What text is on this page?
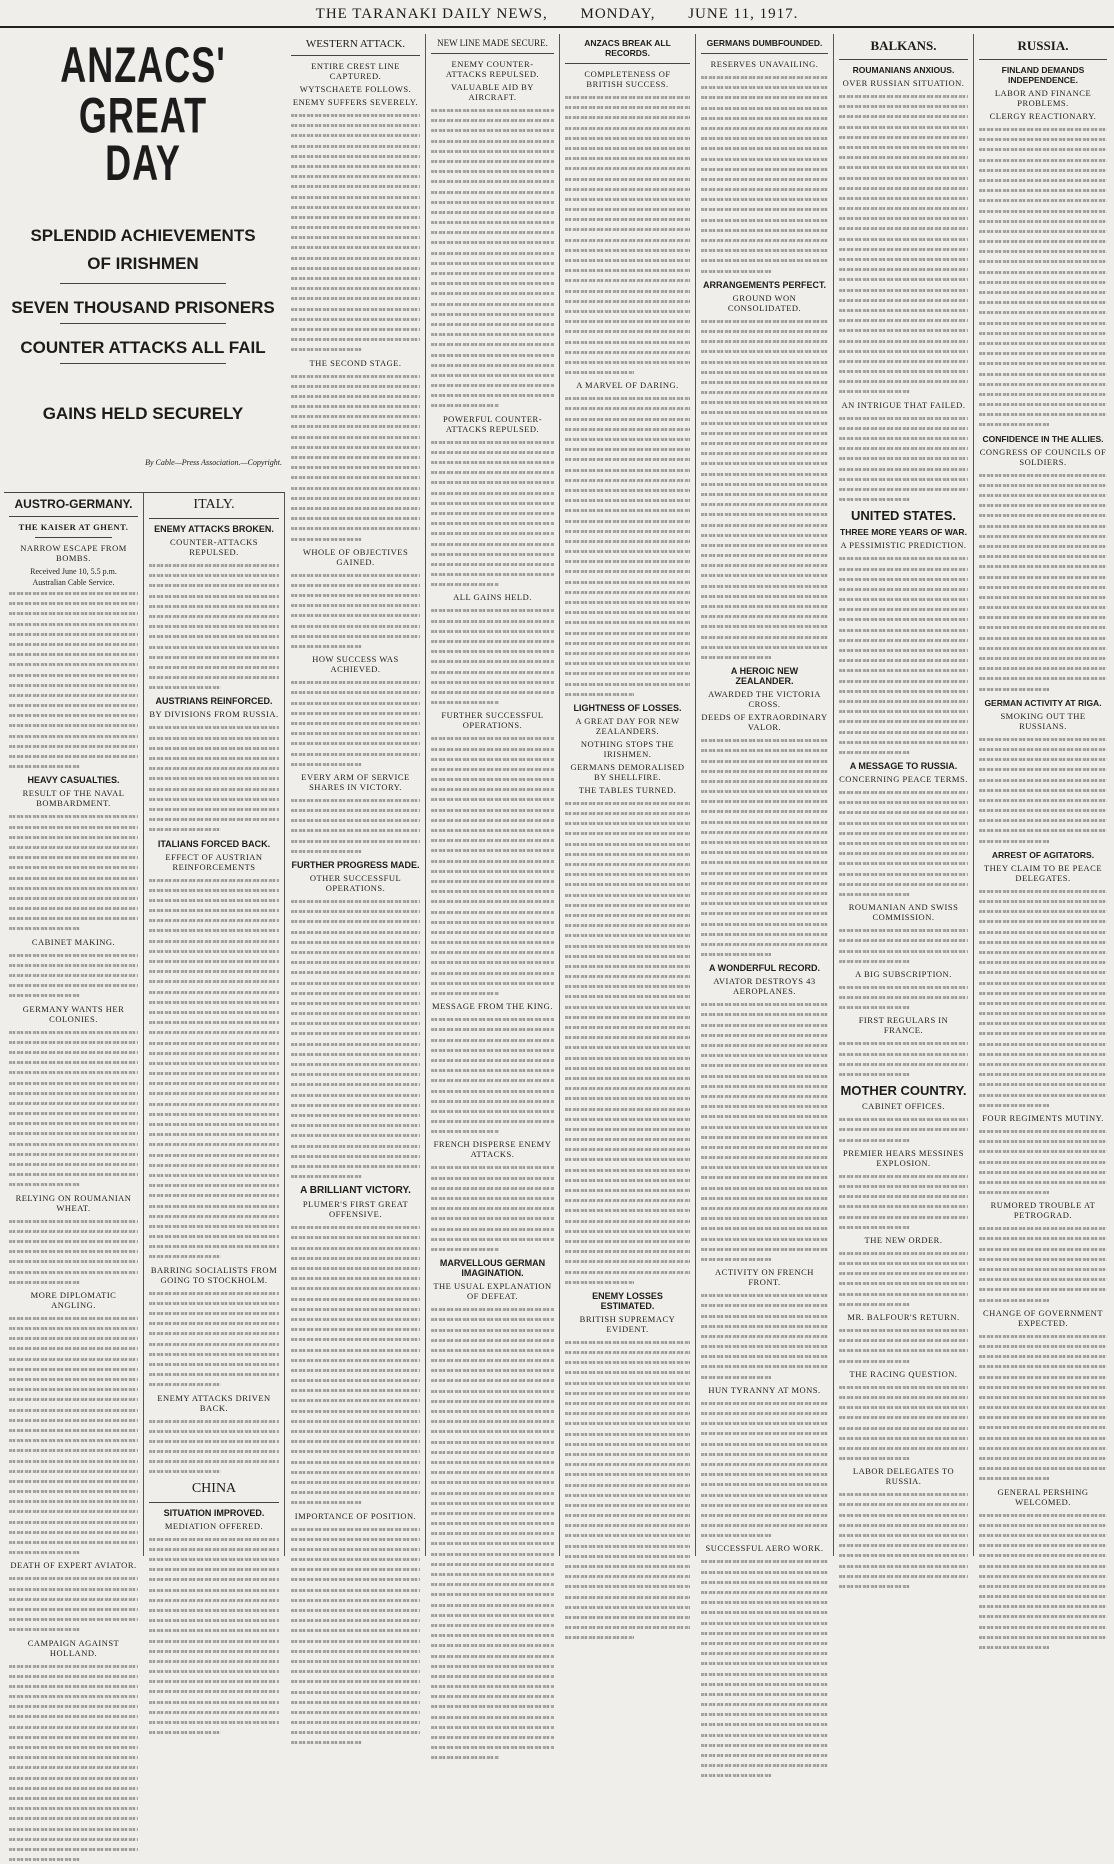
THE TARANAKI DAILY NEWS, MONDAY, JUNE 11, 1917.
ANZACS' GREAT
DAY
SPLENDID ACHIEVEMENTS OF IRISHMEN
SEVEN THOUSAND PRISONERS
COUNTER ATTACKS ALL FAIL
GAINS HELD SECURELY
By Cable—Press Association.—Copyright.
AUSTRO-GERMANY.
THE KAISER AT GHENT.
NARROW ESCAPE FROM BOMBS.
Received June 10, 5.5 p.m.
Australian Cable Service.
HEAVY CASUALTIES.
RESULT OF THE NAVAL BOMBARDMENT.
CABINET MAKING.
GERMANY WANTS HER COLONIES.
RELYING ON ROUMANIAN WHEAT.
MORE DIPLOMATIC ANGLING.
DEATH OF EXPERT AVIATOR.
CAMPAIGN AGAINST HOLLAND.
ITALY.
ENEMY ATTACKS BROKEN.
COUNTER-ATTACKS REPULSED.
AUSTRIANS REINFORCED.
BY DIVISIONS FROM RUSSIA.
ITALIANS FORCED BACK.
EFFECT OF AUSTRIAN REINFORCEMENTS
BARRING SOCIALISTS FROM GOING TO STOCKHOLM.
ENEMY ATTACKS DRIVEN BACK.
CHINA
SITUATION IMPROVED.
MEDIATION OFFERED.
WESTERN ATTACK.
ENTIRE CREST LINE CAPTURED.
WYTSCHAETE FOLLOWS.
ENEMY SUFFERS SEVERELY.
THE SECOND STAGE.
WHOLE OF OBJECTIVES GAINED.
HOW SUCCESS WAS ACHIEVED.
EVERY ARM OF SERVICE SHARES IN VICTORY.
FURTHER PROGRESS MADE.
OTHER SUCCESSFUL OPERATIONS.
A BRILLIANT VICTORY.
PLUMER'S FIRST GREAT OFFENSIVE.
IMPORTANCE OF POSITION.
NEW LINE MADE SECURE.
ENEMY COUNTER-ATTACKS REPULSED.
VALUABLE AID BY AIRCRAFT.
POWERFUL COUNTER-ATTACKS REPULSED.
ALL GAINS HELD.
FURTHER SUCCESSFUL OPERATIONS.
MESSAGE FROM THE KING.
FRENCH DISPERSE ENEMY ATTACKS.
MARVELLOUS GERMAN IMAGINATION.
THE USUAL EXPLANATION OF DEFEAT.
ANZACS BREAK ALL RECORDS.
COMPLETENESS OF BRITISH SUCCESS.
A MARVEL OF DARING.
LIGHTNESS OF LOSSES.
A GREAT DAY FOR NEW ZEALANDERS.
NOTHING STOPS THE IRISHMEN.
GERMANS DEMORALISED BY SHELLFIRE.
THE TABLES TURNED.
ENEMY LOSSES ESTIMATED.
BRITISH SUPREMACY EVIDENT.
GERMANS DUMBFOUNDED.
RESERVES UNAVAILING.
ARRANGEMENTS PERFECT.
GROUND WON CONSOLIDATED.
A HEROIC NEW ZEALANDER.
AWARDED THE VICTORIA CROSS.
DEEDS OF EXTRAORDINARY VALOR.
A WONDERFUL RECORD.
AVIATOR DESTROYS 43 AEROPLANES.
ACTIVITY ON FRENCH FRONT.
HUN TYRANNY AT MONS.
SUCCESSFUL AERO WORK.
BALKANS.
ROUMANIANS ANXIOUS.
OVER RUSSIAN SITUATION.
AN INTRIGUE THAT FAILED.
UNITED STATES.
THREE MORE YEARS OF WAR.
A PESSIMISTIC PREDICTION.
A MESSAGE TO RUSSIA.
CONCERNING PEACE TERMS.
ROUMANIAN AND SWISS COMMISSION.
A BIG SUBSCRIPTION.
FIRST REGULARS IN FRANCE.
MOTHER COUNTRY.
CABINET OFFICES.
PREMIER HEARS MESSINES EXPLOSION.
THE NEW ORDER.
MR. BALFOUR'S RETURN.
THE RACING QUESTION.
LABOR DELEGATES TO RUSSIA.
RUSSIA.
FINLAND DEMANDS INDEPENDENCE.
LABOR AND FINANCE PROBLEMS.
CLERGY REACTIONARY.
CONFIDENCE IN THE ALLIES.
CONGRESS OF COUNCILS OF SOLDIERS.
GERMAN ACTIVITY AT RIGA.
SMOKING OUT THE RUSSIANS.
ARREST OF AGITATORS.
THEY CLAIM TO BE PEACE DELEGATES.
FOUR REGIMENTS MUTINY.
RUMORED TROUBLE AT PETROGRAD.
CHANGE OF GOVERNMENT EXPECTED.
GENERAL PERSHING WELCOMED.
